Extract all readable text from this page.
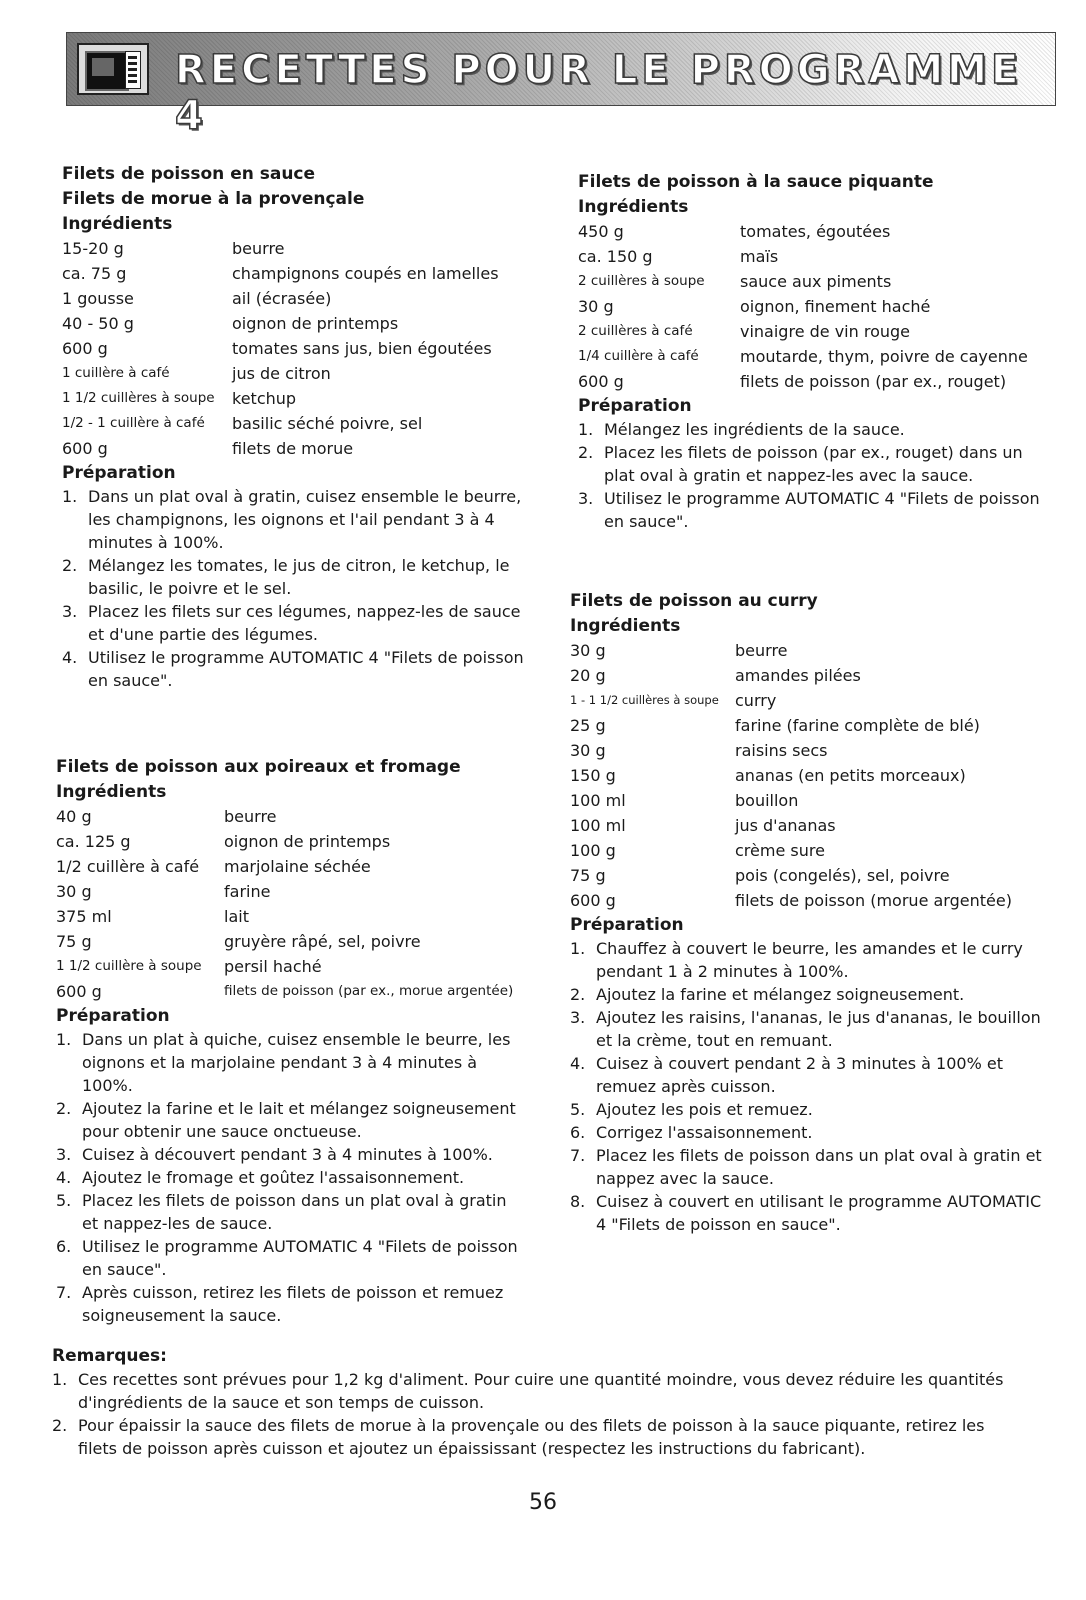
RECETTES POUR LE PROGRAMME 4
Filets de poisson en sauce
Filets de morue à la provençale
Ingrédients
15-20 g	beurre
ca. 75 g	champignons coupés en lamelles
1 gousse	ail (écrasée)
40 - 50 g	oignon de printemps
600 g	tomates sans jus, bien égoutées
1 cuillère à café	jus de citron
1 1/2 cuillères à soupe	ketchup
1/2 - 1 cuillère à café	basilic séché poivre, sel
600 g	filets de morue
Préparation
1. Dans un plat oval à gratin, cuisez ensemble le beurre, les champignons, les oignons et l'ail pendant 3 à 4 minutes à 100%.
2. Mélangez les tomates, le jus de citron, le ketchup, le basilic, le poivre et le sel.
3. Placez les filets sur ces légumes, nappez-les de sauce et d'une partie des légumes.
4. Utilisez le programme AUTOMATIC 4 "Filets de poisson en sauce".
Filets de poisson aux poireaux et fromage
Ingrédients
40 g	beurre
ca. 125 g	oignon de printemps
1/2 cuillère à café	marjolaine séchée
30 g	farine
375 ml	lait
75 g	gruyère râpé, sel, poivre
1 1/2 cuillère à soupe	persil haché
600 g	filets de poisson (par ex., morue argentée)
Préparation
1. Dans un plat à quiche, cuisez ensemble le beurre, les oignons et la marjolaine pendant 3 à 4 minutes à 100%.
2. Ajoutez la farine et le lait et mélangez soigneusement pour obtenir une sauce onctueuse.
3. Cuisez à découvert pendant 3 à 4 minutes à 100%.
4. Ajoutez le fromage et goûtez l'assaisonnement.
5. Placez les filets de poisson dans un plat oval à gratin et nappez-les de sauce.
6. Utilisez le programme AUTOMATIC 4 "Filets de poisson en sauce".
7. Après cuisson, retirez les filets de poisson et remuez soigneusement la sauce.
Filets de poisson à la sauce piquante
Ingrédients
450 g	tomates, égoutées
ca. 150 g	maïs
2 cuillères à soupe	sauce aux piments
30 g	oignon, finement haché
2 cuillères à café	vinaigre de vin rouge
1/4 cuillère à café	moutarde, thym, poivre de cayenne
600 g	filets de poisson (par ex., rouget)
Préparation
1. Mélangez les ingrédients de la sauce.
2. Placez les filets de poisson (par ex., rouget) dans un plat oval à gratin et nappez-les avec la sauce.
3. Utilisez le programme AUTOMATIC 4 "Filets de poisson en sauce".
Filets de poisson au curry
Ingrédients
30 g	beurre
20 g	amandes pilées
1 - 1 1/2 cuillères à soupe	curry
25 g	farine (farine complète de blé)
30 g	raisins secs
150 g	ananas (en petits morceaux)
100 ml	bouillon
100 ml	jus d'ananas
100 g	crème sure
75 g	pois (congelés), sel, poivre
600 g	filets de poisson (morue argentée)
Préparation
1. Chauffez à couvert le beurre, les amandes et le curry pendant 1 à 2 minutes à 100%.
2. Ajoutez la farine et mélangez soigneusement.
3. Ajoutez les raisins, l'ananas, le jus d'ananas, le bouillon et la crème, tout en remuant.
4. Cuisez à couvert pendant 2 à 3 minutes à 100% et remuez après cuisson.
5. Ajoutez les pois et remuez.
6. Corrigez l'assaisonnement.
7. Placez les filets de poisson dans un plat oval à gratin et nappez avec la sauce.
8. Cuisez à couvert en utilisant le programme AUTOMATIC 4 "Filets de poisson en sauce".
Remarques:
1. Ces recettes sont prévues pour 1,2 kg d'aliment. Pour cuire une quantité moindre, vous devez réduire les quantités d'ingrédients de la sauce et son temps de cuisson.
2. Pour épaissir la sauce des filets de morue à la provençale ou des filets de poisson à la sauce piquante, retirez les filets de poisson après cuisson et ajoutez un épaississant (respectez les instructions du fabricant).
56
